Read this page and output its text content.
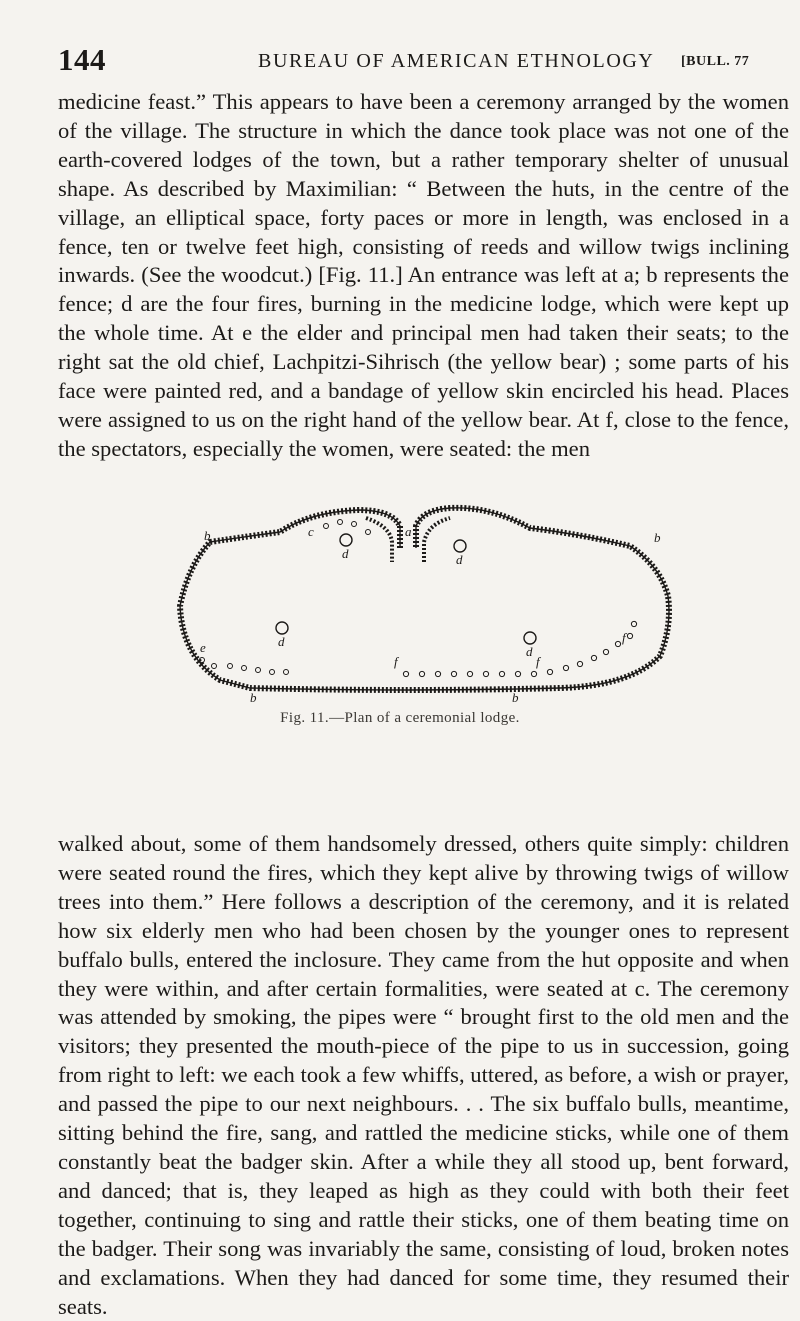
144	BUREAU OF AMERICAN ETHNOLOGY [BULL. 77

medicine feast.” This appears to have been a ceremony arranged by the women of the village. The structure in which the dance took place was not one of the earth-covered lodges of the town, but a rather temporary shelter of unusual shape. As described by Maximilian: “ Between the huts, in the centre of the village, an elliptical space, forty paces or more in length, was enclosed in a fence, ten or twelve feet high, consisting of reeds and willow twigs inclining inwards. (See the woodcut.) [Fig. 11.] An entrance was left at a; b represents the fence; d are the four fires, burning in the medicine lodge, which were kept up the whole time. At e the elder and principal men had taken their seats; to the right sat the old chief, Lachpitzi-Sihrisch (the yellow bear) ; some parts of his face were painted red, and a bandage of yellow skin encircled his head. Places were assigned to us on the right hand of the yellow bear. At f, close to the fence, the spectators, especially the women, were seated: the men

a
b	b
b	b
c
d	d
d
d
e
f	f
f
Fig. 11.—Plan of a ceremonial lodge.

walked about, some of them handsomely dressed, others quite simply: children were seated round the fires, which they kept alive by throwing twigs of willow trees into them.” Here follows a description of the ceremony, and it is related how six elderly men who had been chosen by the younger ones to represent buffalo bulls, entered the inclosure. They came from the hut opposite and when they were within, and after certain formalities, were seated at c. The ceremony was attended by smoking, the pipes were “ brought first to the old men and the visitors; they presented the mouth-piece of the pipe to us in succession, going from right to left: we each took a few whiffs, uttered, as before, a wish or prayer, and passed the pipe to our next neighbours. . . The six buffalo bulls, meantime, sitting behind the fire, sang, and rattled the medicine sticks, while one of them constantly beat the badger skin. After a while they all stood up, bent forward, and danced; that is, they leaped as high as they could with both their feet together, continuing to sing and rattle their sticks, one of them beating time on the badger. Their song was invariably the same, consisting of loud, broken notes and exclamations. When they had danced for some time, they resumed their seats.
